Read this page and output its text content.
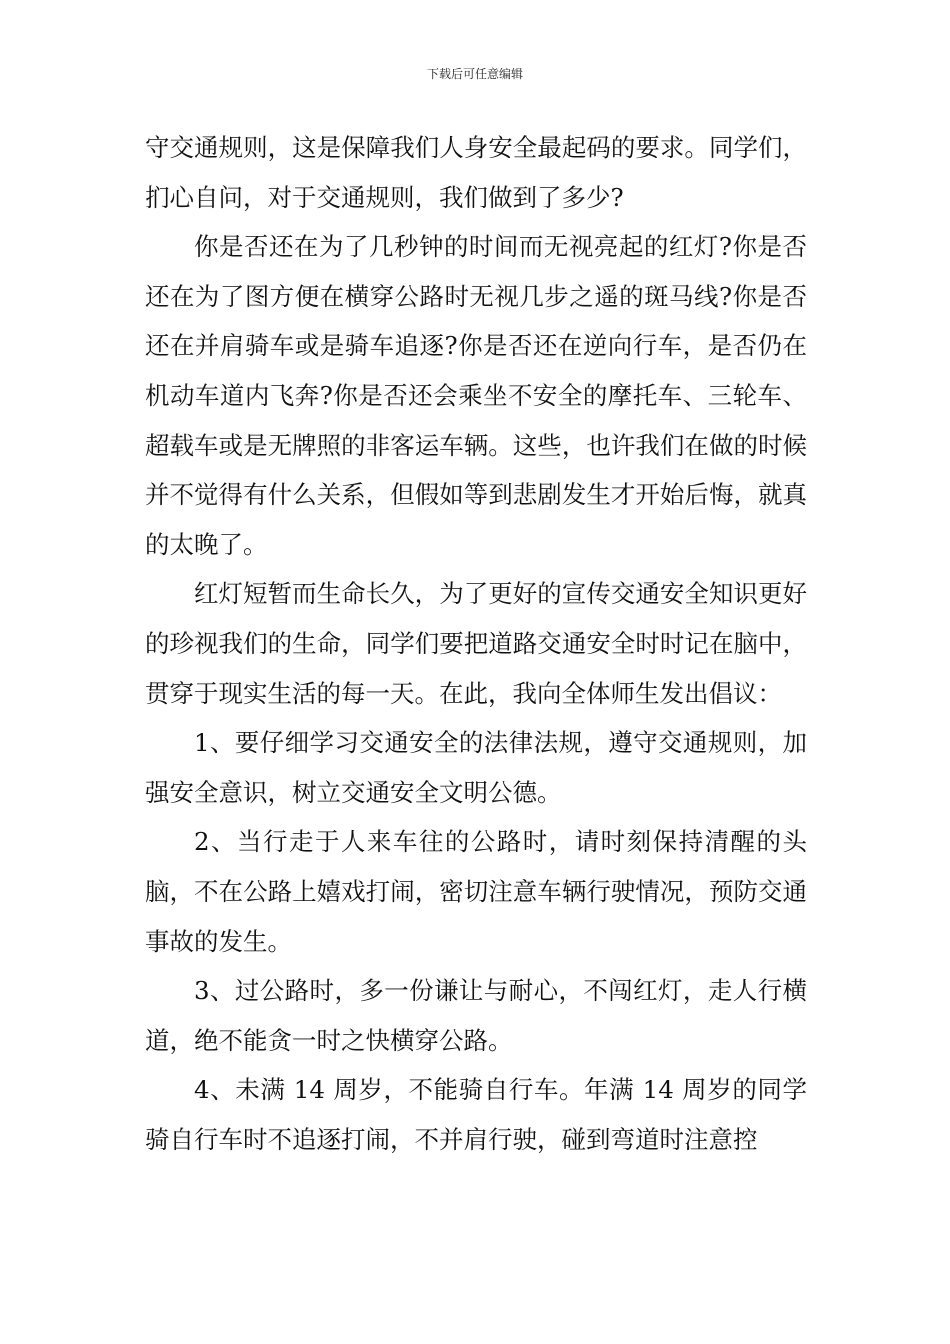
下载后可任意编辑

守交通规则，这是保障我们人身安全最起码的要求。同学们，扪心自问，对于交通规则，我们做到了多少?

你是否还在为了几秒钟的时间而无视亮起的红灯?你是否还在为了图方便在横穿公路时无视几步之遥的斑马线?你是否还在并肩骑车或是骑车追逐?你是否还在逆向行车，是否仍在机动车道内飞奔?你是否还会乘坐不安全的摩托车、三轮车、超载车或是无牌照的非客运车辆。这些，也许我们在做的时候并不觉得有什么关系，但假如等到悲剧发生才开始后悔，就真的太晚了。

红灯短暂而生命长久，为了更好的宣传交通安全知识更好的珍视我们的生命，同学们要把道路交通安全时时记在脑中，贯穿于现实生活的每一天。在此，我向全体师生发出倡议：

1、要仔细学习交通安全的法律法规，遵守交通规则，加强安全意识，树立交通安全文明公德。

2、当行走于人来车往的公路时，请时刻保持清醒的头脑，不在公路上嬉戏打闹，密切注意车辆行驶情况，预防交通事故的发生。

3、过公路时，多一份谦让与耐心，不闯红灯，走人行横道，绝不能贪一时之快横穿公路。

4、未满 14 周岁，不能骑自行车。年满 14 周岁的同学骑自行车时不追逐打闹，不并肩行驶，碰到弯道时注意控
